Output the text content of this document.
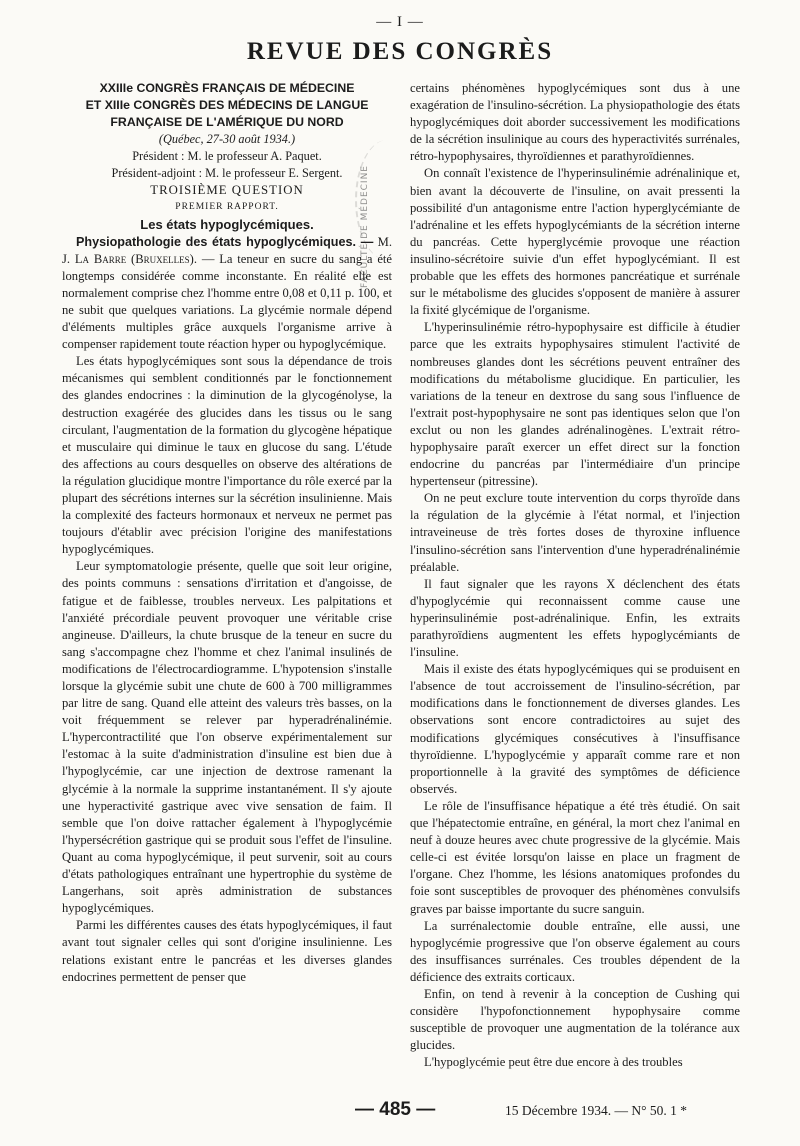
— I —
REVUE DES CONGRÈS
FACULTÉ DE MÉDECINE

XXIIIe CONGRÈS FRANÇAIS DE MÉDECINE

ET XIIIe CONGRÈS DES MÉDECINS DE LANGUE

FRANÇAISE DE L'AMÉRIQUE DU NORD

(Québec, 27-30 août 1934.)

Président : M. le professeur A. Paquet.

Président-adjoint : M. le professeur E. Sergent.

TROISIÈME QUESTION

PREMIER RAPPORT.

Les états hypoglycémiques.

Physiopathologie des états hypoglycémiques. — M. J. La Barre (Bruxelles). — La teneur en sucre du sang a été longtemps considérée comme inconstante. En réalité elle est normalement comprise chez l'homme entre 0,08 et 0,11 p. 100, et ne subit que quelques variations. La glycémie normale dépend d'éléments multiples grâce auxquels l'organisme arrive à compenser rapidement toute réaction hyper ou hypoglycémique.

Les états hypoglycémiques sont sous la dépendance de trois mécanismes qui semblent conditionnés par le fonctionnement des glandes endocrines : la diminution de la glycogénolyse, la destruction exagérée des glucides dans les tissus ou le sang circulant, l'augmentation de la formation du glycogène hépatique et musculaire qui diminue le taux en glucose du sang. L'étude des affections au cours desquelles on observe des altérations de la régulation glucidique montre l'importance du rôle exercé par la plupart des sécrétions internes sur la sécrétion insulinienne. Mais la complexité des facteurs hormonaux et nerveux ne permet pas toujours d'établir avec précision l'origine des manifestations hypoglycémiques.

Leur symptomatologie présente, quelle que soit leur origine, des points communs : sensations d'irritation et d'angoisse, de fatigue et de faiblesse, troubles nerveux. Les palpitations et l'anxiété précordiale peuvent provoquer une véritable crise angineuse. D'ailleurs, la chute brusque de la teneur en sucre du sang s'accompagne chez l'homme et chez l'animal insulinés de modifications de l'électrocardiogramme. L'hypotension s'installe lorsque la glycémie subit une chute de 600 à 700 milligrammes par litre de sang. Quand elle atteint des valeurs très basses, on la voit fréquemment se relever par hyperadrénalinémie. L'hypercontractilité que l'on observe expérimentalement sur l'estomac à la suite d'administration d'insuline est bien due à l'hypoglycémie, car une injection de dextrose ramenant la glycémie à la normale la supprime instantanément. Il s'y ajoute une hyperactivité gastrique avec vive sensation de faim. Il semble que l'on doive rattacher également à l'hypoglycémie l'hypersécrétion gastrique qui se produit sous l'effet de l'insuline. Quant au coma hypoglycémique, il peut survenir, soit au cours d'états pathologiques entraînant une hypertrophie du système de Langerhans, soit après administration de substances hypoglycémiques.

Parmi les différentes causes des états hypoglycémiques, il faut avant tout signaler celles qui sont d'origine insulinienne. Les relations existant entre le pancréas et les diverses glandes endocrines permettent de penser que

certains phénomènes hypoglycémiques sont dus à une exagération de l'insulino-sécrétion. La physiopathologie des états hypoglycémiques doit aborder successivement les modifications de la sécrétion insulinique au cours des hyperactivités surrénales, rétro-hypophysaires, thyroïdiennes et parathyroïdiennes.

On connaît l'existence de l'hyperinsulinémie adrénalinique et, bien avant la découverte de l'insuline, on avait pressenti la possibilité d'un antagonisme entre l'action hyperglycémiante de l'adrénaline et les effets hypoglycémiants de la sécrétion interne du pancréas. Cette hyperglycémie provoque une réaction insulino-sécrétoire suivie d'un effet hypoglycémiant. Il est probable que les effets des hormones pancréatique et surrénale sur le métabolisme des glucides s'opposent de manière à assurer la fixité glycémique de l'organisme.

L'hyperinsulinémie rétro-hypophysaire est difficile à étudier parce que les extraits hypophysaires stimulent l'activité de nombreuses glandes dont les sécrétions peuvent entraîner des modifications du métabolisme glucidique. En particulier, les variations de la teneur en dextrose du sang sous l'influence de l'extrait post-hypophysaire ne sont pas identiques selon que l'on exclut ou non les glandes adrénalinogènes. L'extrait rétro-hypophysaire paraît exercer un effet direct sur la fonction endocrine du pancréas par l'intermédiaire d'un principe hypertenseur (pitressine).

On ne peut exclure toute intervention du corps thyroïde dans la régulation de la glycémie à l'état normal, et l'injection intraveineuse de très fortes doses de thyroxine influence l'insulino-sécrétion sans l'intervention d'une hyperadrénalinémie préalable.

Il faut signaler que les rayons X déclenchent des états d'hypoglycémie qui reconnaissent comme cause une hyperinsulinémie post-adrénalinique. Enfin, les extraits parathyroïdiens augmentent les effets hypoglycémiants de l'insuline.

Mais il existe des états hypoglycémiques qui se produisent en l'absence de tout accroissement de l'insulino-sécrétion, par modifications dans le fonctionnement de diverses glandes. Les observations sont encore contradictoires au sujet des modifications glycémiques consécutives à l'insuffisance thyroïdienne. L'hypoglycémie y apparaît comme rare et non proportionnelle à la gravité des symptômes de déficience observés.

Le rôle de l'insuffisance hépatique a été très étudié. On sait que l'hépatectomie entraîne, en général, la mort chez l'animal en neuf à douze heures avec chute progressive de la glycémie. Mais celle-ci est évitée lorsqu'on laisse en place un fragment de l'organe. Chez l'homme, les lésions anatomiques profondes du foie sont susceptibles de provoquer des phénomènes convulsifs graves par baisse importante du sucre sanguin.

La surrénalectomie double entraîne, elle aussi, une hypoglycémie progressive que l'on observe également au cours des insuffisances surrénales. Ces troubles dépendent de la déficience des extraits corticaux.

Enfin, on tend à revenir à la conception de Cushing qui considère l'hypofonctionnement hypophysaire comme susceptible de provoquer une augmentation de la tolérance aux glucides.

L'hypoglycémie peut être due encore à des troubles

— 485 —	15 Décembre 1934. — N° 50. 1 *
